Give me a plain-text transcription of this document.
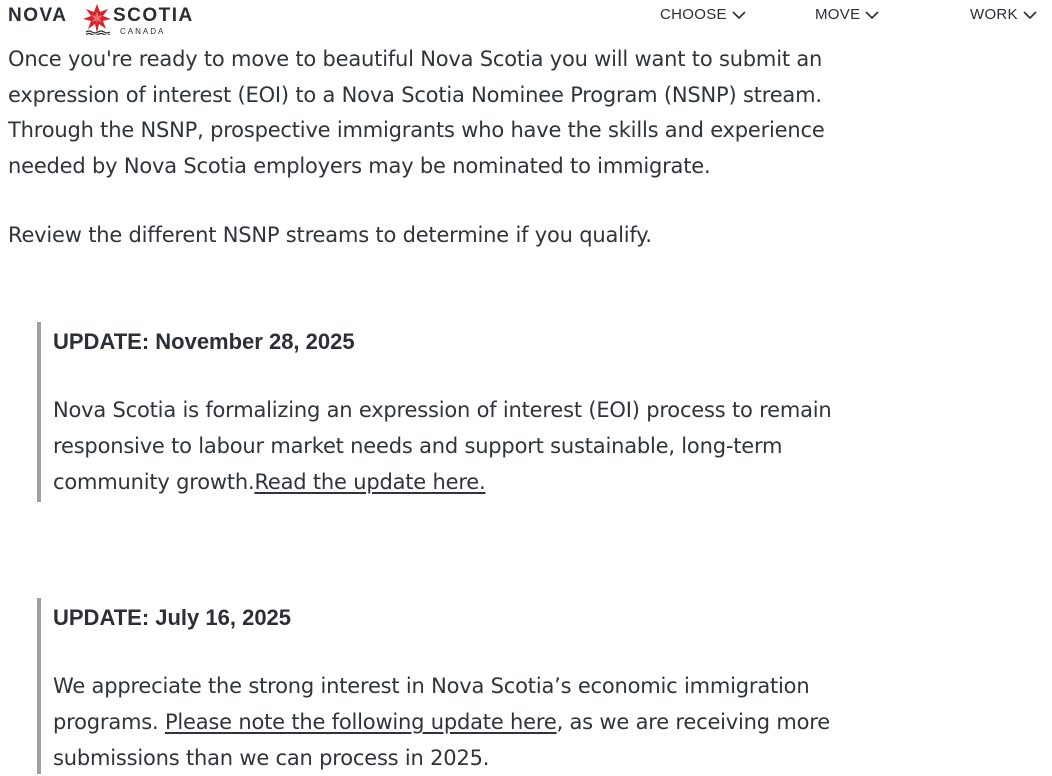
NOVA SCOTIA
CANADA
CHOOSE	MOVE	WORK

Once you're ready to move to beautiful Nova Scotia you will want to submit an expression of interest (EOI) to a Nova Scotia Nominee Program (NSNP) stream. Through the NSNP, prospective immigrants who have the skills and experience needed by Nova Scotia employers may be nominated to immigrate.

Review the different NSNP streams to determine if you qualify.

UPDATE: November 28, 2025

Nova Scotia is formalizing an expression of interest (EOI) process to remain responsive to labour market needs and support sustainable, long-term community growth.Read the update here.

UPDATE: July 16, 2025

We appreciate the strong interest in Nova Scotia’s economic immigration programs. Please note the following update here, as we are receiving more submissions than we can process in 2025.
